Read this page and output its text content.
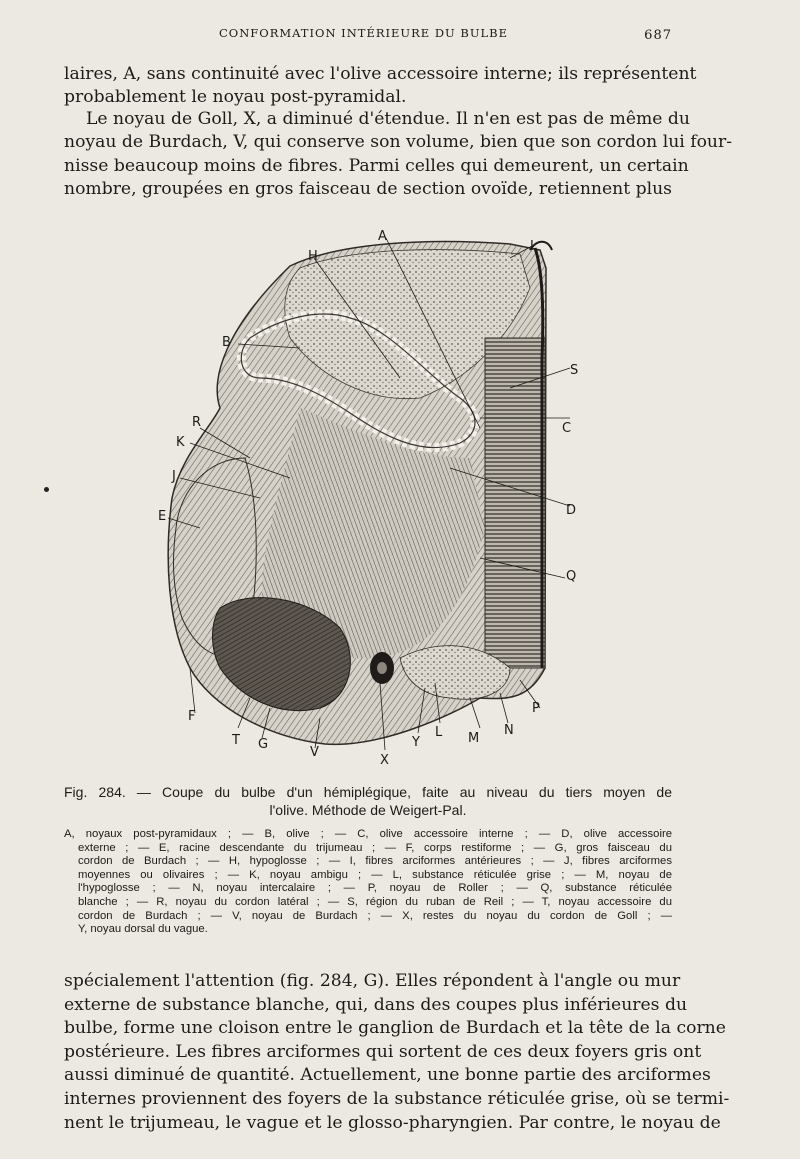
CONFORMATION INTÉRIEURE DU BULBE	687

laires, A, sans continuité avec l'olive accessoire interne; ils représentent
probablement le noyau post-pyramidal.

Le noyau de Goll, X, a diminué d'étendue. Il n'en est pas de même du
noyau de Burdach, V, qui conserve son volume, bien que son cordon lui four-
nisse beaucoup moins de fibres. Parmi celles qui demeurent, un certain
nombre, groupées en gros faisceau de section ovoïde, retiennent plus

A
H
I
B
S
C
R
K
J
D
E
Q
P
F
T G
V
X
Y
L M
N
Fig. 284. — Coupe du bulbe d'un hémiplégique, faite au niveau du tiers moyen de
l'olive. Méthode de Weigert-Pal.
A, noyaux post-pyramidaux ; — B, olive ; — C, olive accessoire interne ; — D, olive accessoire
externe ; — E, racine descendante du trijumeau ; — F, corps restiforme ; — G, gros faisceau du
cordon de Burdach ; — H, hypoglosse ; — I, fibres arciformes antérieures ; — J, fibres arciformes
moyennes ou olivaires ; — K, noyau ambigu ; — L, substance réticulée grise ; — M, noyau de
l'hypoglosse ; — N, noyau intercalaire ; — P, noyau de Roller ; — Q, substance réticulée
blanche ; — R, noyau du cordon latéral ; — S, région du ruban de Reil ; — T, noyau accessoire du
cordon de Burdach ; — V, noyau de Burdach ; — X, restes du noyau du cordon de Goll ; —
Y, noyau dorsal du vague.

spécialement l'attention (fig. 284, G). Elles répondent à l'angle ou mur
externe de substance blanche, qui, dans des coupes plus inférieures du
bulbe, forme une cloison entre le ganglion de Burdach et la tête de la corne
postérieure. Les fibres arciformes qui sortent de ces deux foyers gris ont
aussi diminué de quantité. Actuellement, une bonne partie des arciformes
internes proviennent des foyers de la substance réticulée grise, où se termi-
nent le trijumeau, le vague et le glosso-pharyngien. Par contre, le noyau de
